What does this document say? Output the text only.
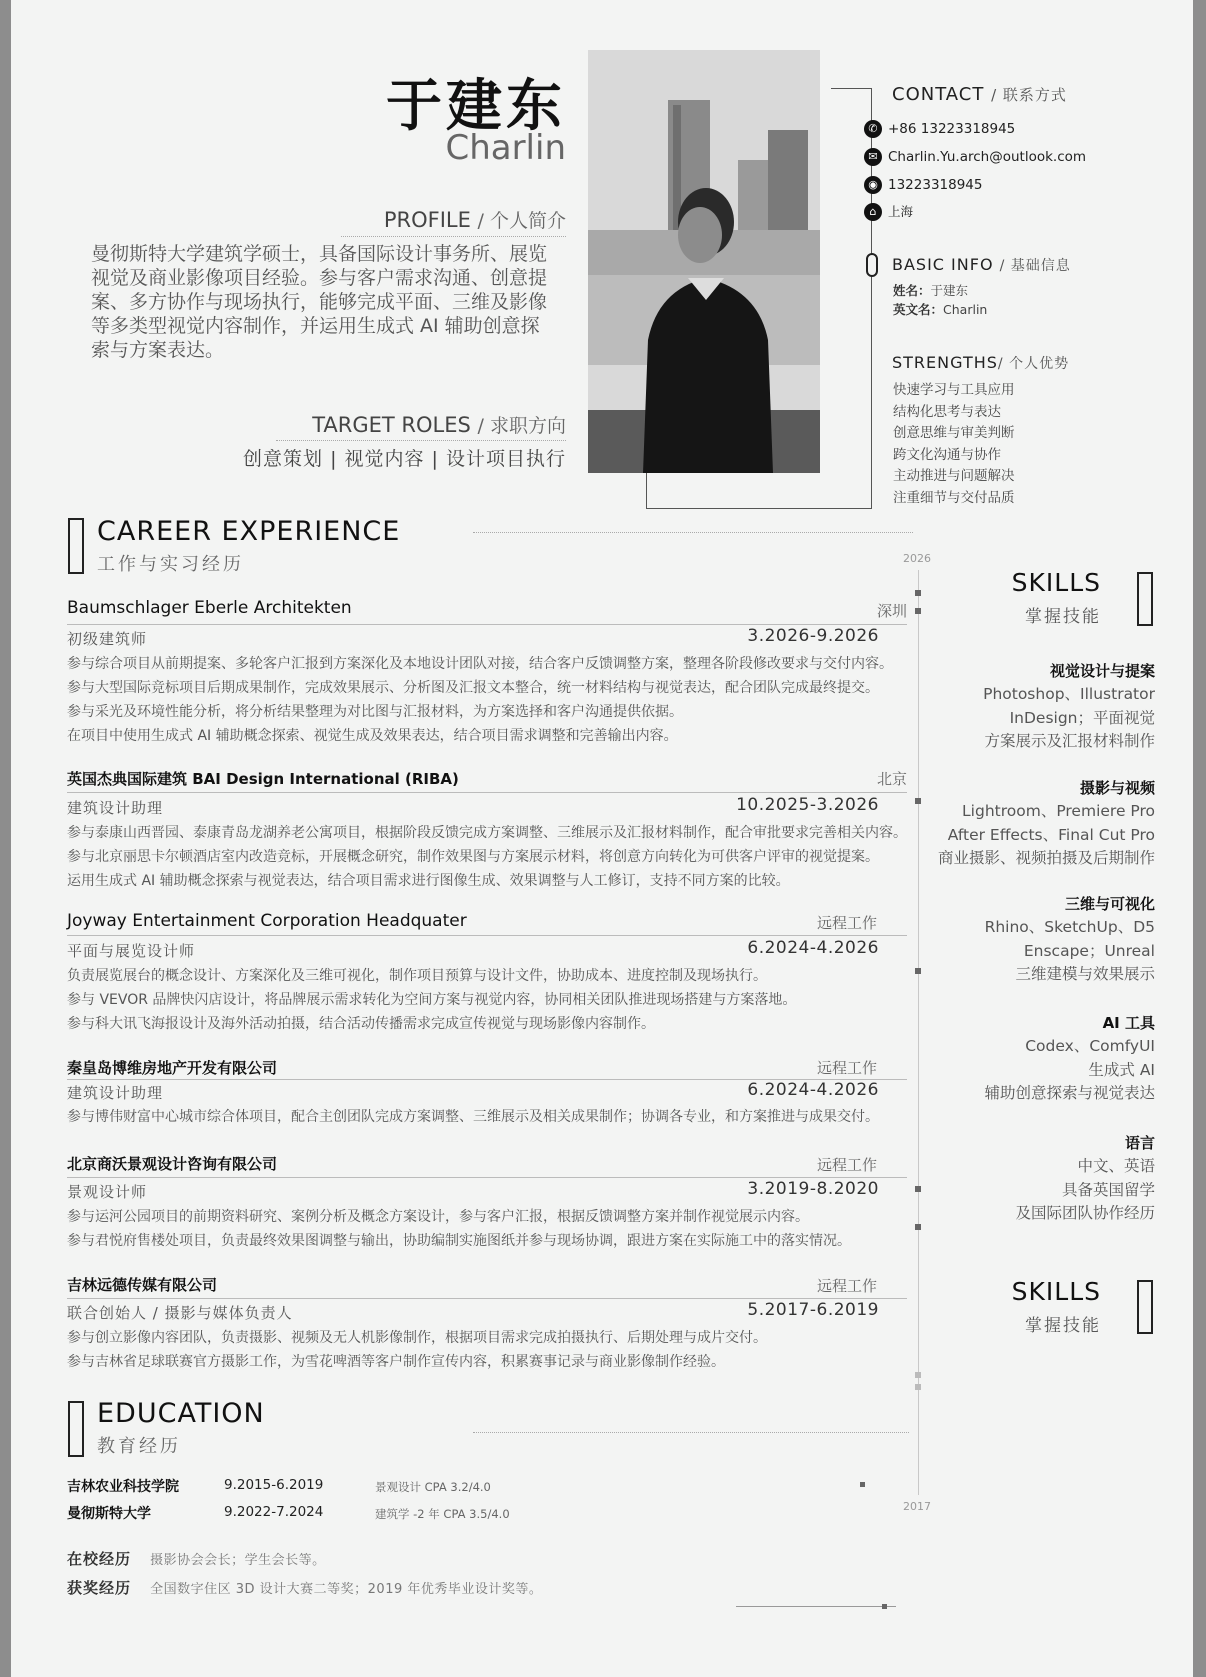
于建东
Charlin
PROFILE / 个人简介
曼彻斯特大学建筑学硕士，具备国际设计事务所、展览
视觉及商业影像项目经验。参与客户需求沟通、创意提
案、多方协作与现场执行，能够完成平面、三维及影像
等多类型视觉内容制作，并运用生成式 AI 辅助创意探
索与方案表达。
TARGET ROLES / 求职方向
创意策划 | 视觉内容 | 设计项目执行
CONTACT / 联系方式
✆ +86 13223318945
✉ Charlin.Yu.arch@outlook.com
◉ 13223318945
⌂ 上海
BASIC INFO / 基础信息
姓名：于建东
英文名：Charlin
STRENGTHS/ 个人优势
快速学习与工具应用
结构化思考与表达
创意思维与审美判断
跨文化沟通与协作
主动推进与问题解决
注重细节与交付品质
CAREER EXPERIENCE
工作与实习经历
Baumschlager Eberle Architekten	深圳
初级建筑师	3.2026-9.2026
参与综合项目从前期提案、多轮客户汇报到方案深化及本地设计团队对接，结合客户反馈调整方案，整理各阶段修改要求与交付内容。
参与大型国际竞标项目后期成果制作，完成效果展示、分析图及汇报文本整合，统一材料结构与视觉表达，配合团队完成最终提交。
参与采光及环境性能分析，将分析结果整理为对比图与汇报材料，为方案选择和客户沟通提供依据。
在项目中使用生成式 AI 辅助概念探索、视觉生成及效果表达，结合项目需求调整和完善输出内容。
英国杰典国际建筑 BAI Design International (RIBA)	北京
建筑设计助理	10.2025-3.2026
参与泰康山西晋园、泰康青岛龙湖养老公寓项目，根据阶段反馈完成方案调整、三维展示及汇报材料制作，配合审批要求完善相关内容。
参与北京丽思卡尔顿酒店室内改造竞标，开展概念研究，制作效果图与方案展示材料，将创意方向转化为可供客户评审的视觉提案。
运用生成式 AI 辅助概念探索与视觉表达，结合项目需求进行图像生成、效果调整与人工修订，支持不同方案的比较。
Joyway Entertainment Corporation Headquater	远程工作
平面与展览设计师	6.2024-4.2026
负责展览展台的概念设计、方案深化及三维可视化，制作项目预算与设计文件，协助成本、进度控制及现场执行。
参与 VEVOR 品牌快闪店设计，将品牌展示需求转化为空间方案与视觉内容，协同相关团队推进现场搭建与方案落地。
参与科大讯飞海报设计及海外活动拍摄，结合活动传播需求完成宣传视觉与现场影像内容制作。
秦皇岛博维房地产开发有限公司	远程工作
建筑设计助理	6.2024-4.2026
参与博伟财富中心城市综合体项目，配合主创团队完成方案调整、三维展示及相关成果制作；协调各专业，和方案推进与成果交付。
北京商沃景观设计咨询有限公司	远程工作
景观设计师	3.2019-8.2020
参与运河公园项目的前期资料研究、案例分析及概念方案设计，参与客户汇报，根据反馈调整方案并制作视觉展示内容。
参与君悦府售楼处项目，负责最终效果图调整与输出，协助编制实施图纸并参与现场协调，跟进方案在实际施工中的落实情况。
吉林远德传媒有限公司	远程工作
联合创始人 / 摄影与媒体负责人	5.2017-6.2019
参与创立影像内容团队，负责摄影、视频及无人机影像制作，根据项目需求完成拍摄执行、后期处理与成片交付。
参与吉林省足球联赛官方摄影工作，为雪花啤酒等客户制作宣传内容，积累赛事记录与商业影像制作经验。
2026
2017
SKILLS
掌握技能
视觉设计与提案
Photoshop、Illustrator
InDesign；平面视觉
方案展示及汇报材料制作
摄影与视频
Lightroom、Premiere Pro
After Effects、Final Cut Pro
商业摄影、视频拍摄及后期制作
三维与可视化
Rhino、SketchUp、D5
Enscape；Unreal
三维建模与效果展示
AI 工具
Codex、ComfyUI
生成式 AI
辅助创意探索与视觉表达
语言
中文、英语
具备英国留学
及国际团队协作经历
SKILLS
掌握技能
EDUCATION
教育经历
吉林农业科技学院	9.2015-6.2019	景观设计 CPA 3.2/4.0
曼彻斯特大学	9.2022-7.2024	建筑学 -2 年 CPA 3.5/4.0
在校经历 摄影协会会长；学生会长等。
获奖经历 全国数字住区 3D 设计大赛二等奖；2019 年优秀毕业设计奖等。
